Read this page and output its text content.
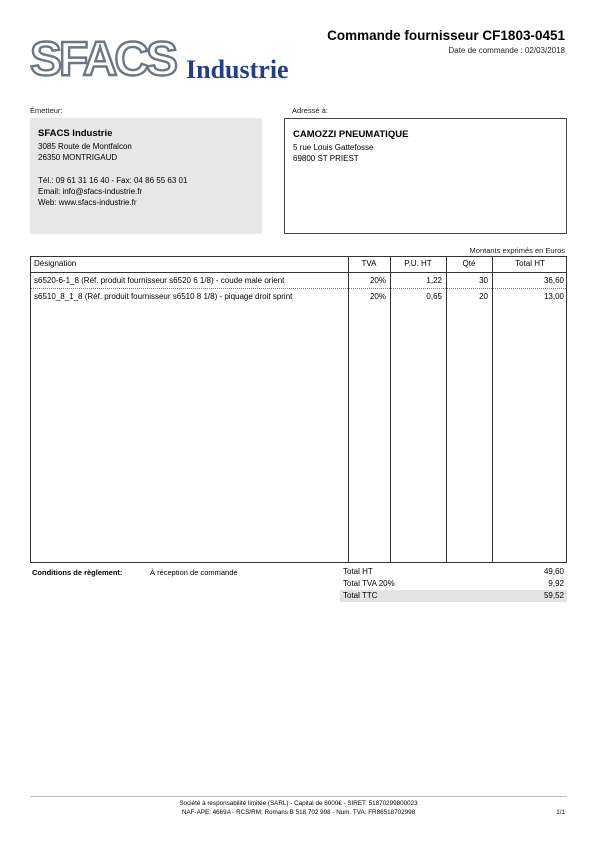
SFACS Industrie
Commande fournisseur CF1803-0451
Date de commande : 02/03/2018
Émetteur:
SFACS Industrie
3085 Route de Montfalcon
26350 MONTRIGAUD
Tél.: 09 61 31 16 40 - Fax: 04 86 55 63 01
Email: info@sfacs-industrie.fr
Web: www.sfacs-industrie.fr
Adressé à:
CAMOZZI PNEUMATIQUE
5 rue Louis Gattefosse
69800 ST PRIEST
Montants exprimés en Euros
Désignation	TVA	P.U. HT	Qté	Total HT
s6520-6-1_8 (Réf. produit fournisseur s6520 6 1/8) - coude male orient	20%	1,22	30	36,60
s6510_8_1_8 (Réf. produit fournisseur s6510 8 1/8) - piquage droit sprint	20%	0,65	20	13,00
Conditions de règlement:	À réception de commande	Total HT	49,60
Total TVA 20%	9,92
Total TTC	59,52
Société à responsabilité limitée (SARL) - Capital de 8000€ - SIRET: 51870299800023
NAF-APE: 4669A - RCS/RM: Romans B 518 702 998 - Num. TVA: FR86518702998	1/1
